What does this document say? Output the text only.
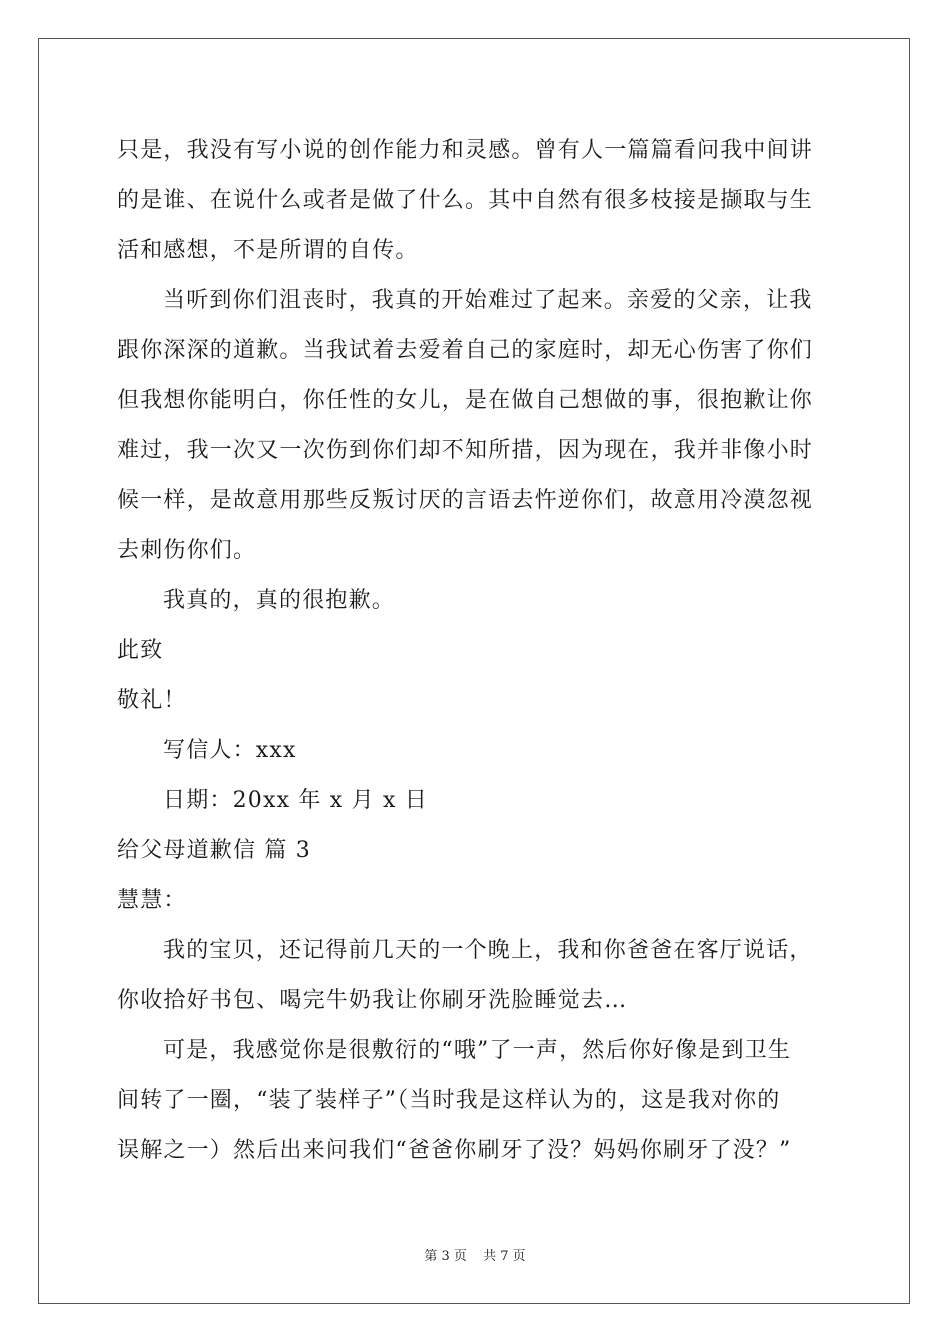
只是，我没有写小说的创作能力和灵感。曾有人一篇篇看问我中间讲
的是谁、在说什么或者是做了什么。其中自然有很多枝接是撷取与生
活和感想，不是所谓的自传。
当听到你们沮丧时，我真的开始难过了起来。亲爱的父亲，让我
跟你深深的道歉。当我试着去爱着自己的家庭时，却无心伤害了你们
但我想你能明白，你任性的女儿，是在做自己想做的事，很抱歉让你
难过，我一次又一次伤到你们却不知所措，因为现在，我并非像小时
候一样，是故意用那些反叛讨厌的言语去忤逆你们，故意用冷漠忽视
去刺伤你们。
我真的，真的很抱歉。
此致
敬礼！
写信人：xxx
日期：20xx 年 x 月 x 日
给父母道歉信 篇 3
慧慧：
我的宝贝，还记得前几天的一个晚上，我和你爸爸在客厅说话，
你收拾好书包、喝完牛奶我让你刷牙洗脸睡觉去…
可是，我感觉你是很敷衍的“哦”了一声，然后你好像是到卫生
间转了一圈，“装了装样子”（当时我是这样认为的，这是我对你的
误解之一）然后出来问我们“爸爸你刷牙了没？妈妈你刷牙了没？”
第 3 页 共 7 页
